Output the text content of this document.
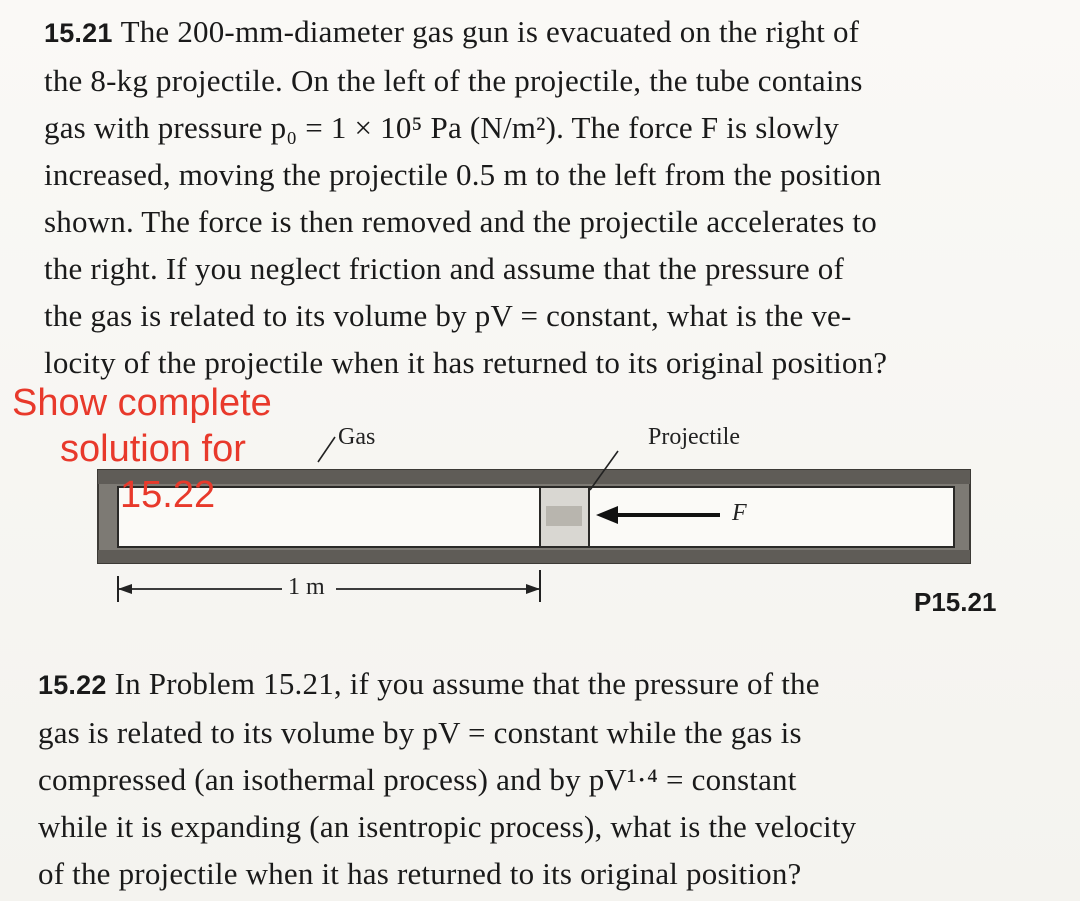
15.21 The 200-mm-diameter gas gun is evacuated on the right of
the 8-kg projectile. On the left of the projectile, the tube contains
gas with pressure p₀ = 1 × 10⁵ Pa (N/m²). The force F is slowly
increased, moving the projectile 0.5 m to the left from the position
shown. The force is then removed and the projectile accelerates to
the right. If you neglect friction and assume that the pressure of
the gas is related to its volume by pV = constant, what is the ve-
locity of the projectile when it has returned to its original position?
Gas	Projectile
F
1 m	P15.21
Show complete
solution for
15.22
15.22 In Problem 15.21, if you assume that the pressure of the
gas is related to its volume by pV = constant while the gas is
compressed (an isothermal process) and by pV¹·⁴ = constant
while it is expanding (an isentropic process), what is the velocity
of the projectile when it has returned to its original position?
